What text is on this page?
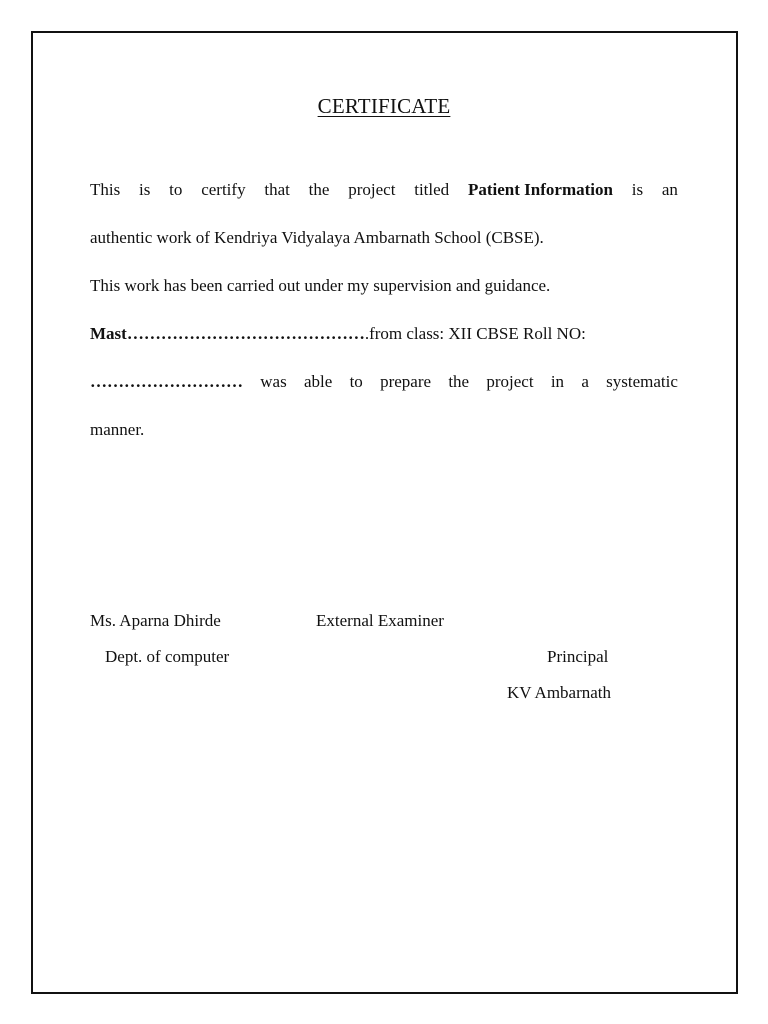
CERTIFICATE
This is to certify that the project titled Patient Information is an
authentic work of Kendriya Vidyalaya Ambarnath School (CBSE).
This work has been carried out under my supervision and guidance.
Mast…………………………………… .from class: XII CBSE Roll NO:
……………………… was able to prepare the project in a systematic
manner.
Ms. Aparna Dhirde
Dept. of computer
External Examiner
Principal
KV Ambarnath
